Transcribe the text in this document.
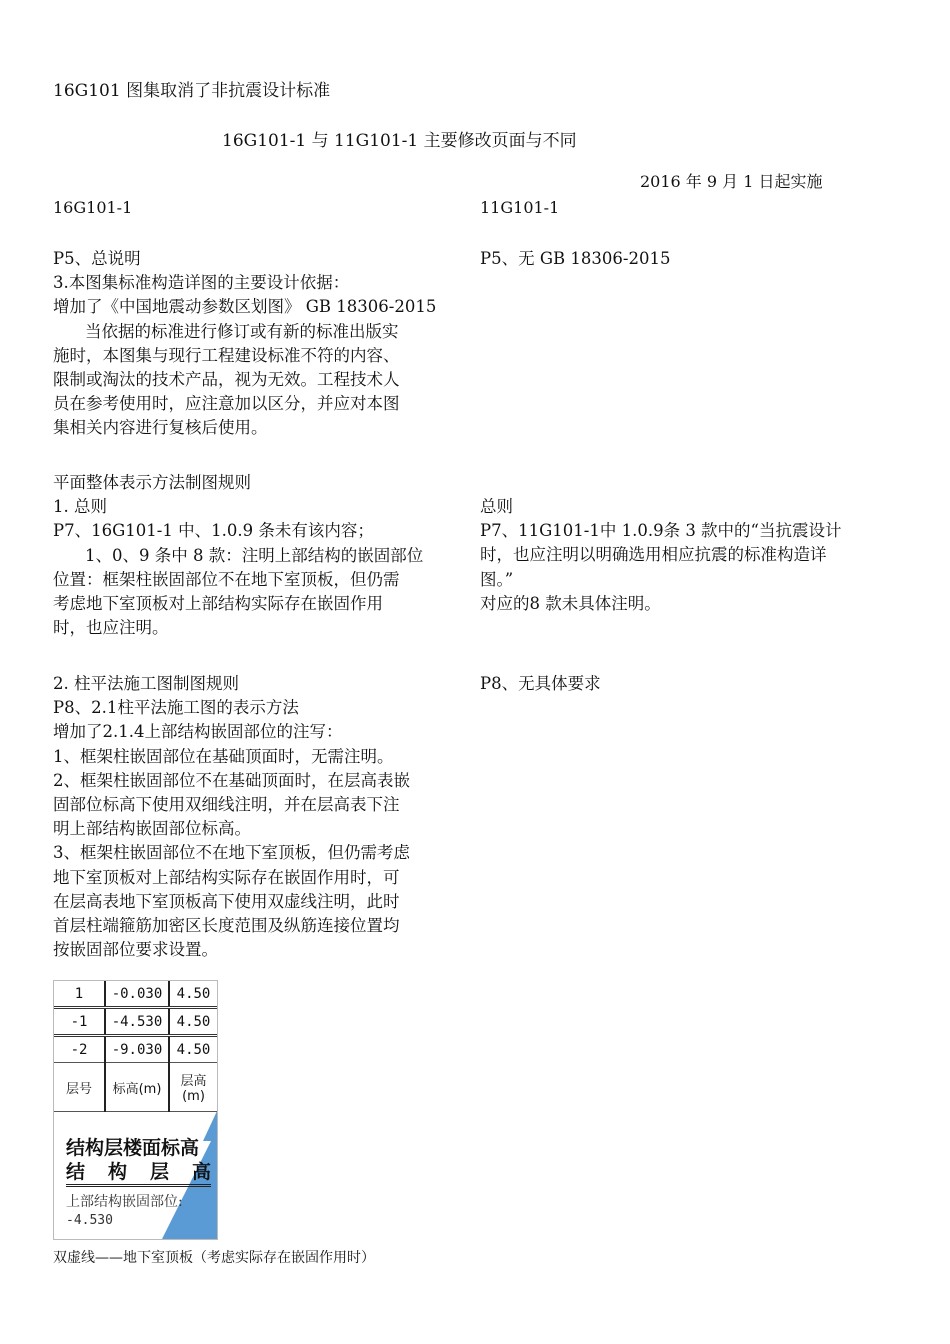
16G101 图集取消了非抗震设计标准
16G101-1 与 11G101-1 主要修改页面与不同
2016 年 9 月 1 日起实施
16G101-1	11G101-1
P5、总说明
3.本图集标准构造详图的主要设计依据：
增加了《中国地震动参数区划图》 GB 18306-2015
当依据的标准进行修订或有新的标准出版实
施时，本图集与现行工程建设标准不符的内容、
限制或淘汰的技术产品，视为无效。工程技术人
员在参考使用时，应注意加以区分，并应对本图
集相关内容进行复核后使用。
P5、无 GB 18306-2015
平面整体表示方法制图规则
1. 总则
P7、16G101-1 中、1.0.9 条未有该内容；
1、0、9 条中 8 款：注明上部结构的嵌固部位
位置：框架柱嵌固部位不在地下室顶板，但仍需
考虑地下室顶板对上部结构实际存在嵌固作用
时，也应注明。
总则
P7、11G101-1中 1.0.9条 3 款中的“当抗震设计
时，也应注明以明确选用相应抗震的标准构造详
图。”
对应的8 款未具体注明。
2. 柱平法施工图制图规则
P8、2.1柱平法施工图的表示方法
增加了2.1.4上部结构嵌固部位的注写：
1、框架柱嵌固部位在基础顶面时，无需注明。
2、框架柱嵌固部位不在基础顶面时，在层高表嵌
固部位标高下使用双细线注明，并在层高表下注
明上部结构嵌固部位标高。
3、框架柱嵌固部位不在地下室顶板，但仍需考虑
地下室顶板对上部结构实际存在嵌固作用时，可
在层高表地下室顶板高下使用双虚线注明，此时
首层柱端箍筋加密区长度范围及纵筋连接位置均
按嵌固部位要求设置。
P8、无具体要求
1	-0.030	4.50
-1	-4.530	4.50
-2	-9.030	4.50
层号	标高(m)	层高(m)
结构层楼面标高
结 构 层 高
上部结构嵌固部位:
-4.530
双虚线——地下室顶板（考虑实际存在嵌固作用时）
